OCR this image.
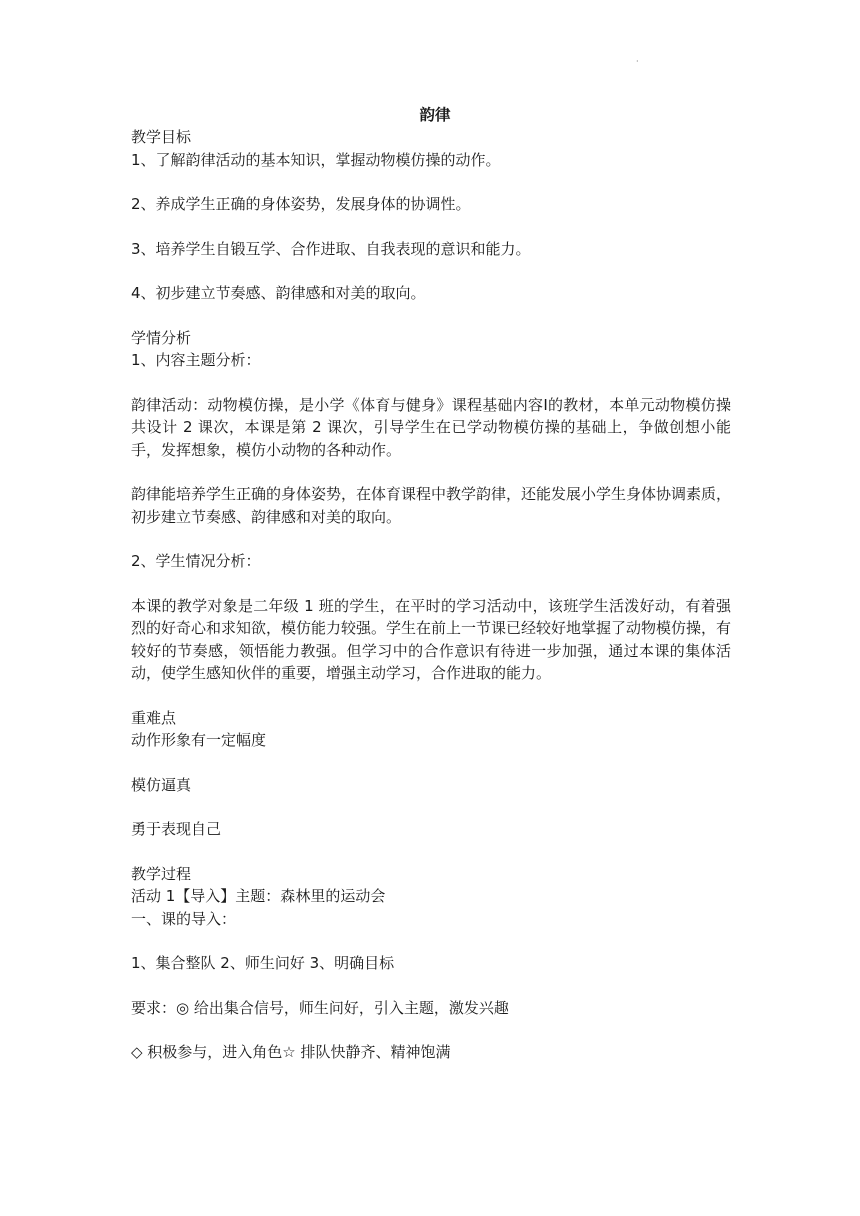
·
韵律
教学目标
1、了解韵律活动的基本知识，掌握动物模仿操的动作。
2、养成学生正确的身体姿势，发展身体的协调性。
3、培养学生自锻互学、合作进取、自我表现的意识和能力。
4、初步建立节奏感、韵律感和对美的取向。
学情分析
1、内容主题分析：
韵律活动：动物模仿操，是小学《体育与健身》课程基础内容Ⅰ的教材，本单元动物模仿操共设计 2 课次，本课是第 2 课次，引导学生在已学动物模仿操的基础上，争做创想小能手，发挥想象，模仿小动物的各种动作。
韵律能培养学生正确的身体姿势，在体育课程中教学韵律，还能发展小学生身体协调素质，初步建立节奏感、韵律感和对美的取向。
2、学生情况分析：
本课的教学对象是二年级 1 班的学生，在平时的学习活动中，该班学生活泼好动，有着强烈的好奇心和求知欲，模仿能力较强。学生在前上一节课已经较好地掌握了动物模仿操，有较好的节奏感，领悟能力教强。但学习中的合作意识有待进一步加强，通过本课的集体活动，使学生感知伙伴的重要，增强主动学习，合作进取的能力。
重难点
动作形象有一定幅度
模仿逼真
勇于表现自己
教学过程
活动 1【导入】主题：森林里的运动会
一、课的导入：
1、集合整队 2、师生问好 3、明确目标
要求：◎ 给出集合信号，师生问好，引入主题，激发兴趣
◇ 积极参与，进入角色☆ 排队快静齐、精神饱满
